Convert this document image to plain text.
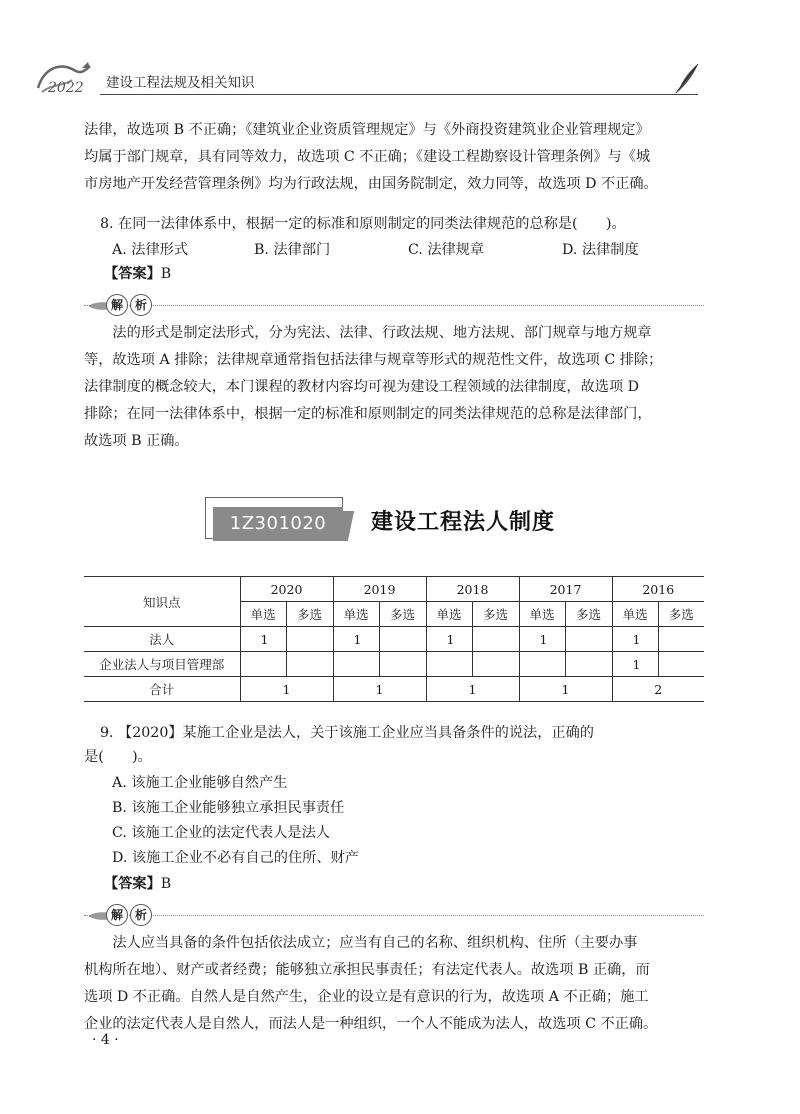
2022 建设工程法规及相关知识
法律，故选项 B 不正确；《建筑业企业资质管理规定》与《外商投资建筑业企业管理规定》
均属于部门规章，具有同等效力，故选项 C 不正确；《建设工程勘察设计管理条例》与《城
市房地产开发经营管理条例》均为行政法规，由国务院制定，效力同等，故选项 D 不正确。
8. 在同一法律体系中，根据一定的标准和原则制定的同类法律规范的总称是(　　)。
A. 法律形式	B. 法律部门	C. 法律规章	D. 法律制度
【答案】B
解 析
法的形式是制定法形式，分为宪法、法律、行政法规、地方法规、部门规章与地方规章
等，故选项 A 排除；法律规章通常指包括法律与规章等形式的规范性文件，故选项 C 排除；
法律制度的概念较大，本门课程的教材内容均可视为建设工程领域的法律制度，故选项 D
排除；在同一法律体系中，根据一定的标准和原则制定的同类法律规范的总称是法律部门，
故选项 B 正确。
1Z301020	建设工程法人制度
知识点	2020		2019		2018		2017		2016	
	单选	多选	单选	多选	单选	多选	单选	多选	单选	多选
法人	1		1		1		1		1	
企业法人与项目管理部									1	
合计	1		1		1		1		2	
9. 【2020】某施工企业是法人，关于该施工企业应当具备条件的说法，正确的
是(　　)。
A. 该施工企业能够自然产生
B. 该施工企业能够独立承担民事责任
C. 该施工企业的法定代表人是法人
D. 该施工企业不必有自己的住所、财产
【答案】B
解 析
法人应当具备的条件包括依法成立；应当有自己的名称、组织机构、住所（主要办事
机构所在地）、财产或者经费；能够独立承担民事责任；有法定代表人。故选项 B 正确，而
选项 D 不正确。自然人是自然产生，企业的设立是有意识的行为，故选项 A 不正确；施工
企业的法定代表人是自然人，而法人是一种组织，一个人不能成为法人，故选项 C 不正确。
· 4 ·
